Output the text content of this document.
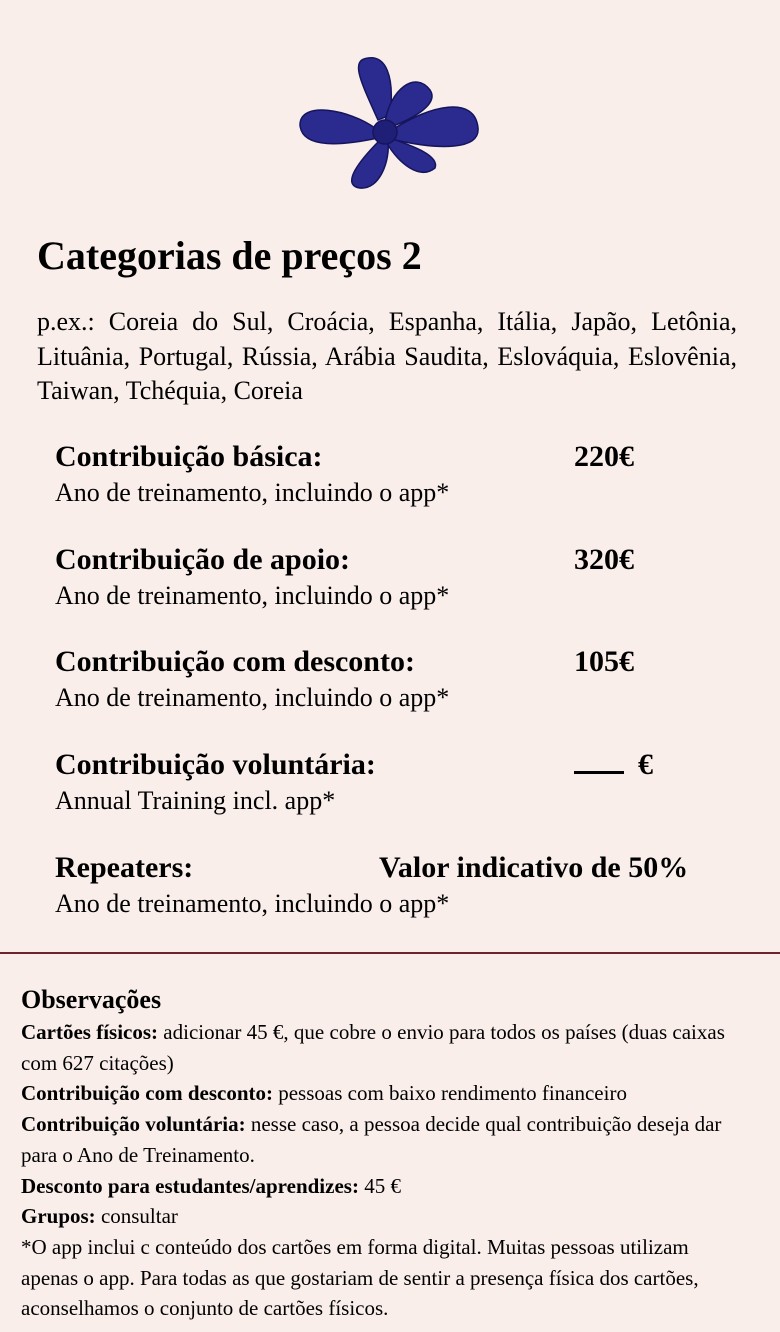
Categorias de preços 2

p.ex.: Coreia do Sul, Croácia, Espanha, Itália, Japão, Letônia, Lituânia, Portugal, Rússia, Arábia Saudita, Eslováquia, Eslovênia, Taiwan, Tchéquia, Coreia

Contribuição básica:	220€
Ano de treinamento, incluindo o app*
Contribuição de apoio:	320€
Ano de treinamento, incluindo o app*
Contribuição com desconto:	105€
Ano de treinamento, incluindo o app*
Contribuição voluntária:	€
Annual Training incl. app*
Repeaters:	Valor indicativo de 50%
Ano de treinamento, incluindo o app*
Observações

Cartões físicos: adicionar 45 €, que cobre o envio para todos os países (duas caixas com 627 citações)

Contribuição com desconto: pessoas com baixo rendimento financeiro

Contribuição voluntária: nesse caso, a pessoa decide qual contribuição deseja dar para o Ano de Treinamento.

Desconto para estudantes/aprendizes: 45 €

Grupos: consultar

*O app inclui c conteúdo dos cartões em forma digital. Muitas pessoas utilizam apenas o app. Para todas as que gostariam de sentir a presença física dos cartões, aconselhamos o conjunto de cartões físicos.
